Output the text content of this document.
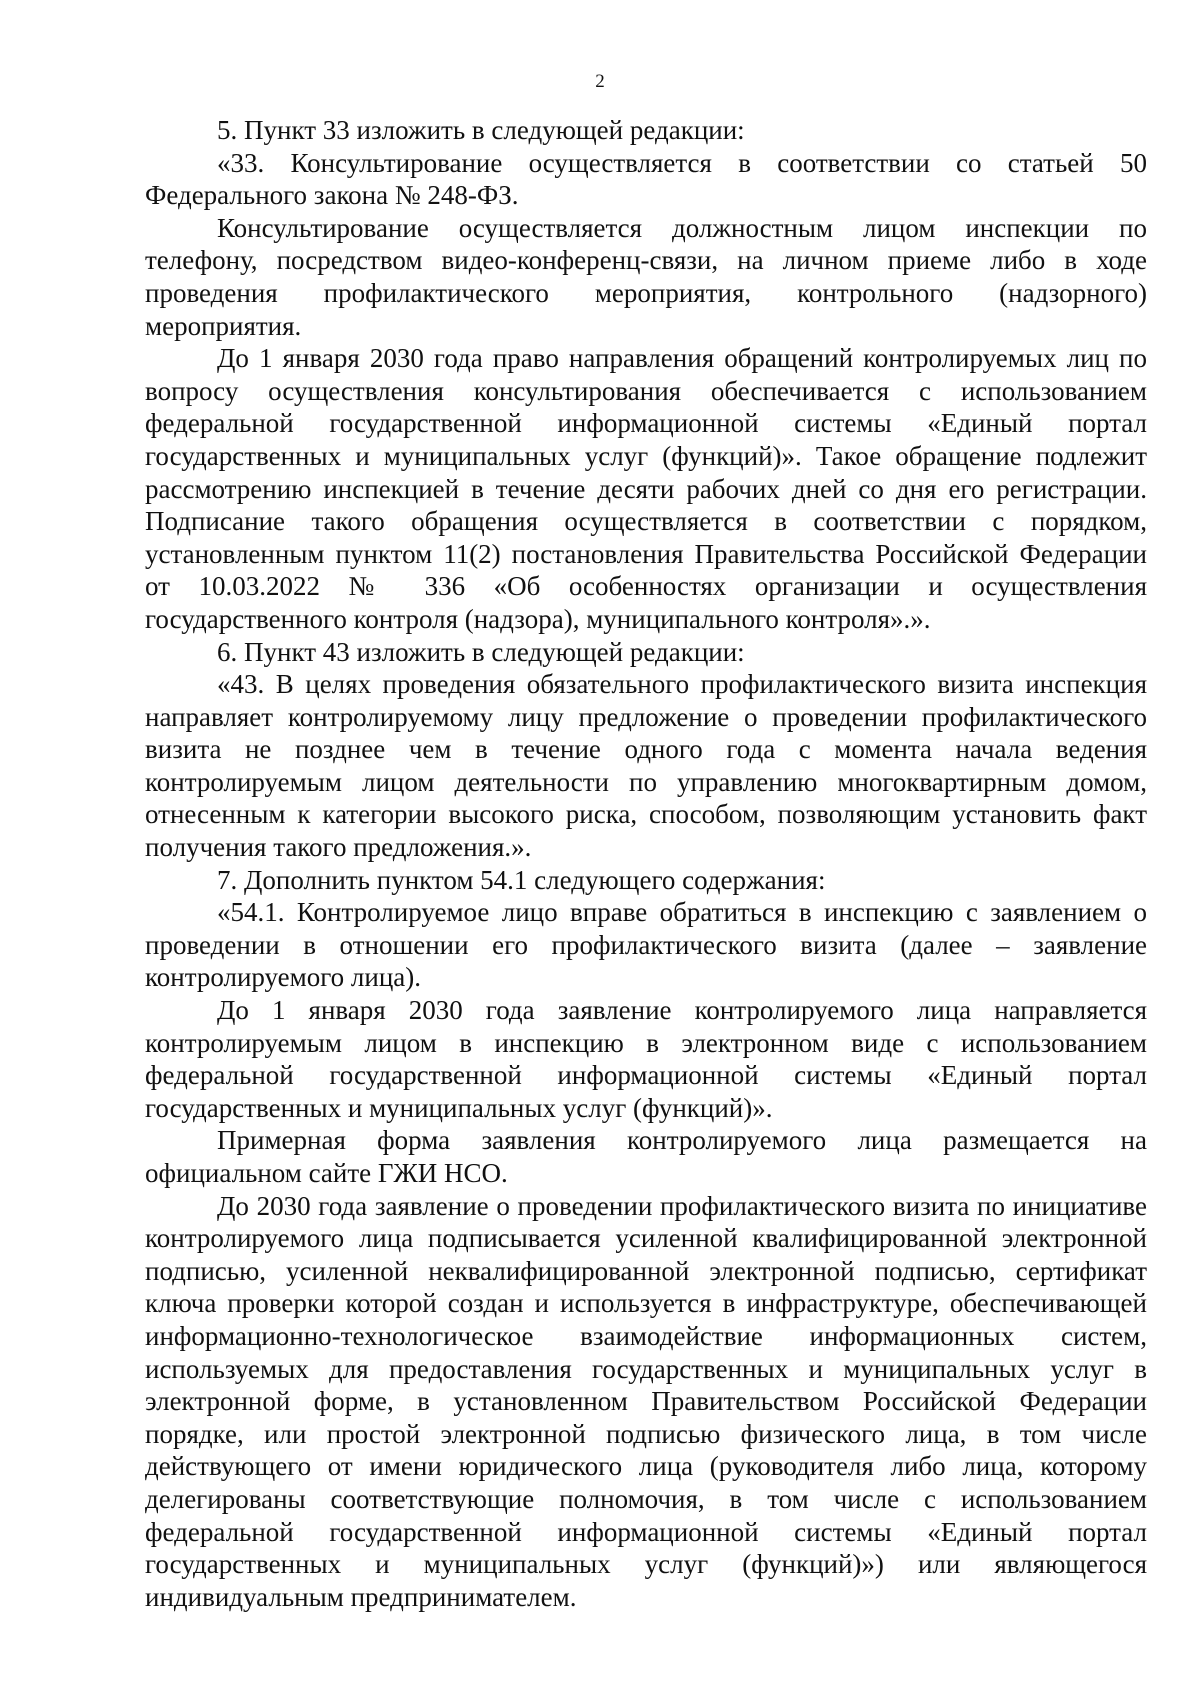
2

5. Пункт 33 изложить в следующей редакции:

«33. Консультирование осуществляется в соответствии со статьей 50 Федерального закона № 248-ФЗ.

Консультирование осуществляется должностным лицом инспекции по телефону, посредством видео-конференц-связи, на личном приеме либо в ходе проведения профилактического мероприятия, контрольного (надзорного) мероприятия.

До 1 января 2030 года право направления обращений контролируемых лиц по вопросу осуществления консультирования обеспечивается с использованием федеральной государственной информационной системы «Единый портал государственных и муниципальных услуг (функций)». Такое обращение подлежит рассмотрению инспекцией в течение десяти рабочих дней со дня его регистрации. Подписание такого обращения осуществляется в соответствии с порядком, установленным пунктом 11(2) постановления Правительства Российской Федерации от 10.03.2022 № 336 «Об особенностях организации и осуществления государственного контроля (надзора), муниципального контроля».».

6. Пункт 43 изложить в следующей редакции:

«43. В целях проведения обязательного профилактического визита инспекция направляет контролируемому лицу предложение о проведении профилактического визита не позднее чем в течение одного года с момента начала ведения контролируемым лицом деятельности по управлению многоквартирным домом, отнесенным к категории высокого риска, способом, позволяющим установить факт получения такого предложения.».

7. Дополнить пунктом 54.1 следующего содержания:

«54.1. Контролируемое лицо вправе обратиться в инспекцию с заявлением о проведении в отношении его профилактического визита (далее – заявление контролируемого лица).

До 1 января 2030 года заявление контролируемого лица направляется контролируемым лицом в инспекцию в электронном виде с использованием федеральной государственной информационной системы «Единый портал государственных и муниципальных услуг (функций)».

Примерная форма заявления контролируемого лица размещается на официальном сайте ГЖИ НСО.

До 2030 года заявление о проведении профилактического визита по инициативе контролируемого лица подписывается усиленной квалифицированной электронной подписью, усиленной неквалифицированной электронной подписью, сертификат ключа проверки которой создан и используется в инфраструктуре, обеспечивающей информационно-технологическое взаимодействие информационных систем, используемых для предоставления государственных и муниципальных услуг в электронной форме, в установленном Правительством Российской Федерации порядке, или простой электронной подписью физического лица, в том числе действующего от имени юридического лица (руководителя либо лица, которому делегированы соответствующие полномочия, в том числе с использованием федеральной государственной информационной системы «Единый портал государственных и муниципальных услуг (функций)») или являющегося индивидуальным предпринимателем.
